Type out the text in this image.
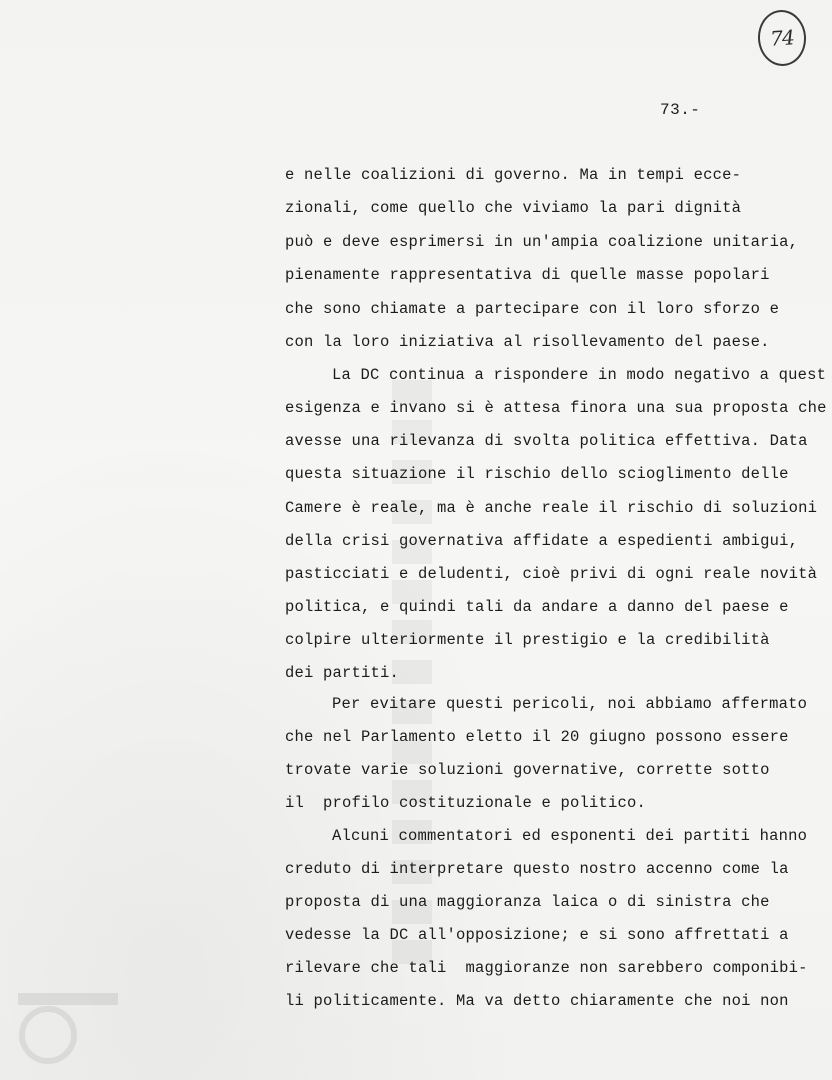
74
73.-
e nelle coalizioni di governo. Ma in tempi ecce-
zionali, come quello che viviamo la pari dignità
può e deve esprimersi in un'ampia coalizione unitaria,
pienamente rappresentativa di quelle masse popolari
che sono chiamate a partecipare con il loro sforzo e
con la loro iniziativa al risollevamento del paese.
La DC continua a rispondere in modo negativo a quest
esigenza e invano si è attesa finora una sua proposta che
avesse una rilevanza di svolta politica effettiva. Data
questa situazione il rischio dello scioglimento delle
Camere è reale, ma è anche reale il rischio di soluzioni
della crisi governativa affidate a espedienti ambigui,
pasticciati e deludenti, cioè privi di ogni reale novità
politica, e quindi tali da andare a danno del paese e
colpire ulteriormente il prestigio e la credibilità
dei partiti.
Per evitare questi pericoli, noi abbiamo affermato
che nel Parlamento eletto il 20 giugno possono essere
trovate varie soluzioni governative, corrette sotto
il  profilo costituzionale e politico.
Alcuni commentatori ed esponenti dei partiti hanno
creduto di interpretare questo nostro accenno come la
proposta di una maggioranza laica o di sinistra che
vedesse la DC all'opposizione; e si sono affrettati a
rilevare che tali  maggioranze non sarebbero componibi-
li politicamente. Ma va detto chiaramente che noi non
